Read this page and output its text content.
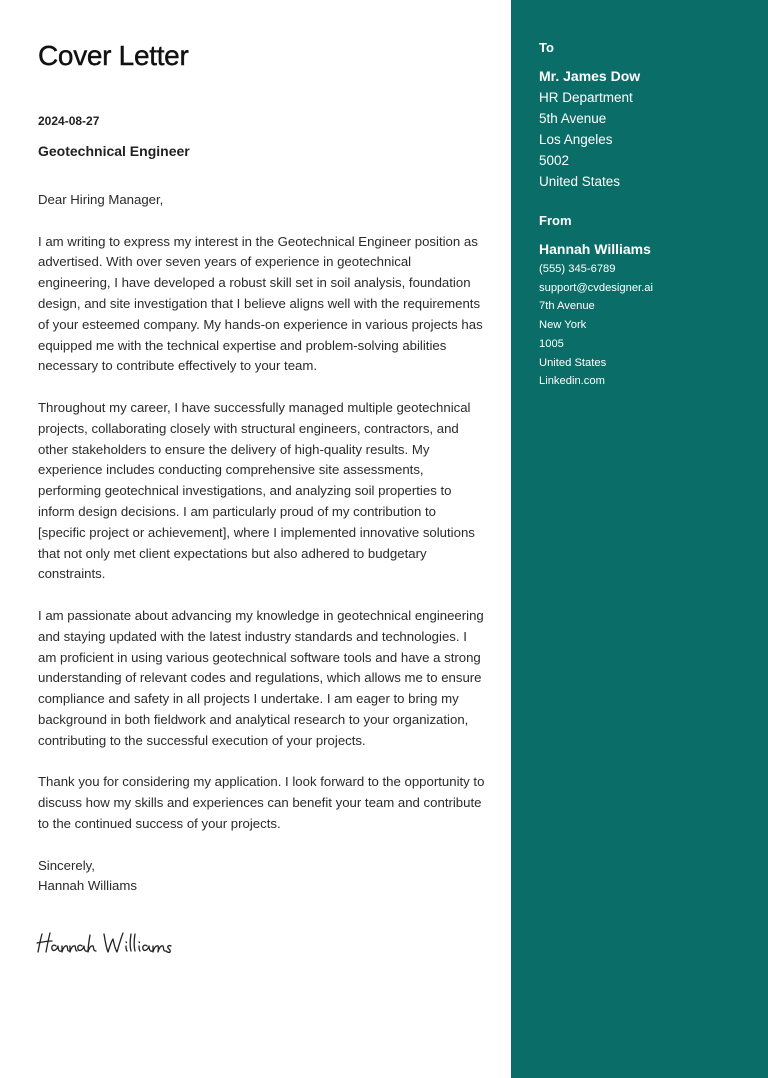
Cover Letter
2024-08-27
Geotechnical Engineer

Dear Hiring Manager,

I am writing to express my interest in the Geotechnical Engineer position as advertised. With over seven years of experience in geotechnical engineering, I have developed a robust skill set in soil analysis, foundation design, and site investigation that I believe aligns well with the requirements of your esteemed company. My hands-on experience in various projects has equipped me with the technical expertise and problem-solving abilities necessary to contribute effectively to your team.

Throughout my career, I have successfully managed multiple geotechnical projects, collaborating closely with structural engineers, contractors, and other stakeholders to ensure the delivery of high-quality results. My experience includes conducting comprehensive site assessments, performing geotechnical investigations, and analyzing soil properties to inform design decisions. I am particularly proud of my contribution to [specific project or achievement], where I implemented innovative solutions that not only met client expectations but also adhered to budgetary constraints.

I am passionate about advancing my knowledge in geotechnical engineering and staying updated with the latest industry standards and technologies. I am proficient in using various geotechnical software tools and have a strong understanding of relevant codes and regulations, which allows me to ensure compliance and safety in all projects I undertake. I am eager to bring my background in both fieldwork and analytical research to your organization, contributing to the successful execution of your projects.

Thank you for considering my application. I look forward to the opportunity to discuss how my skills and experiences can benefit your team and contribute to the continued success of your projects.

Sincerely,
Hannah Williams
To
Mr. James Dow
HR Department
5th Avenue
Los Angeles
5002
United States
From
Hannah Williams
(555) 345-6789
support@cvdesigner.ai
7th Avenue
New York
1005
United States
Linkedin.com
